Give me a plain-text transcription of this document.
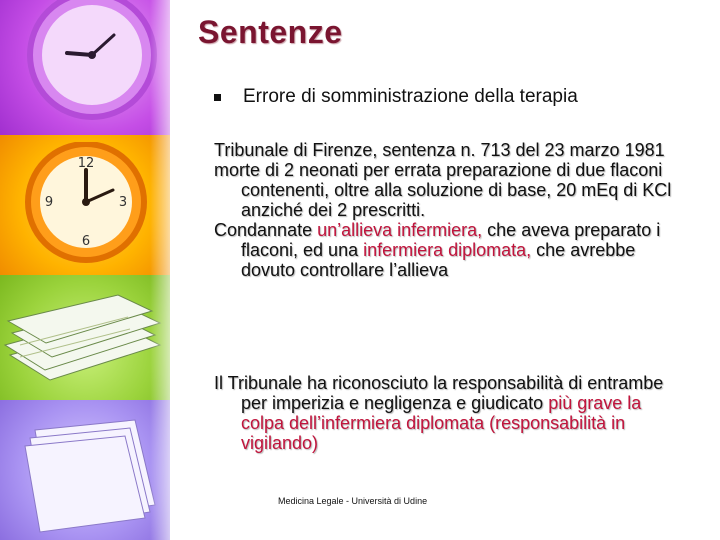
12
3
6
9
Sentenze
Errore di somministrazione della terapia

Tribunale di Firenze, sentenza n. 713 del 23 marzo 1981

morte di 2 neonati per errata preparazione di due flaconi contenenti, oltre alla soluzione di base, 20 mEq di KCl anziché dei 2 prescritti.

Condannate un’allieva infermiera, che aveva preparato i flaconi, ed una infermiera diplomata, che avrebbe dovuto controllare l’allieva

Il Tribunale ha riconosciuto la responsabilità di entrambe per imperizia e negligenza e giudicato più grave la colpa dell’infermiera diplomata (responsabilità in vigilando)

Medicina Legale - Università di Udine
